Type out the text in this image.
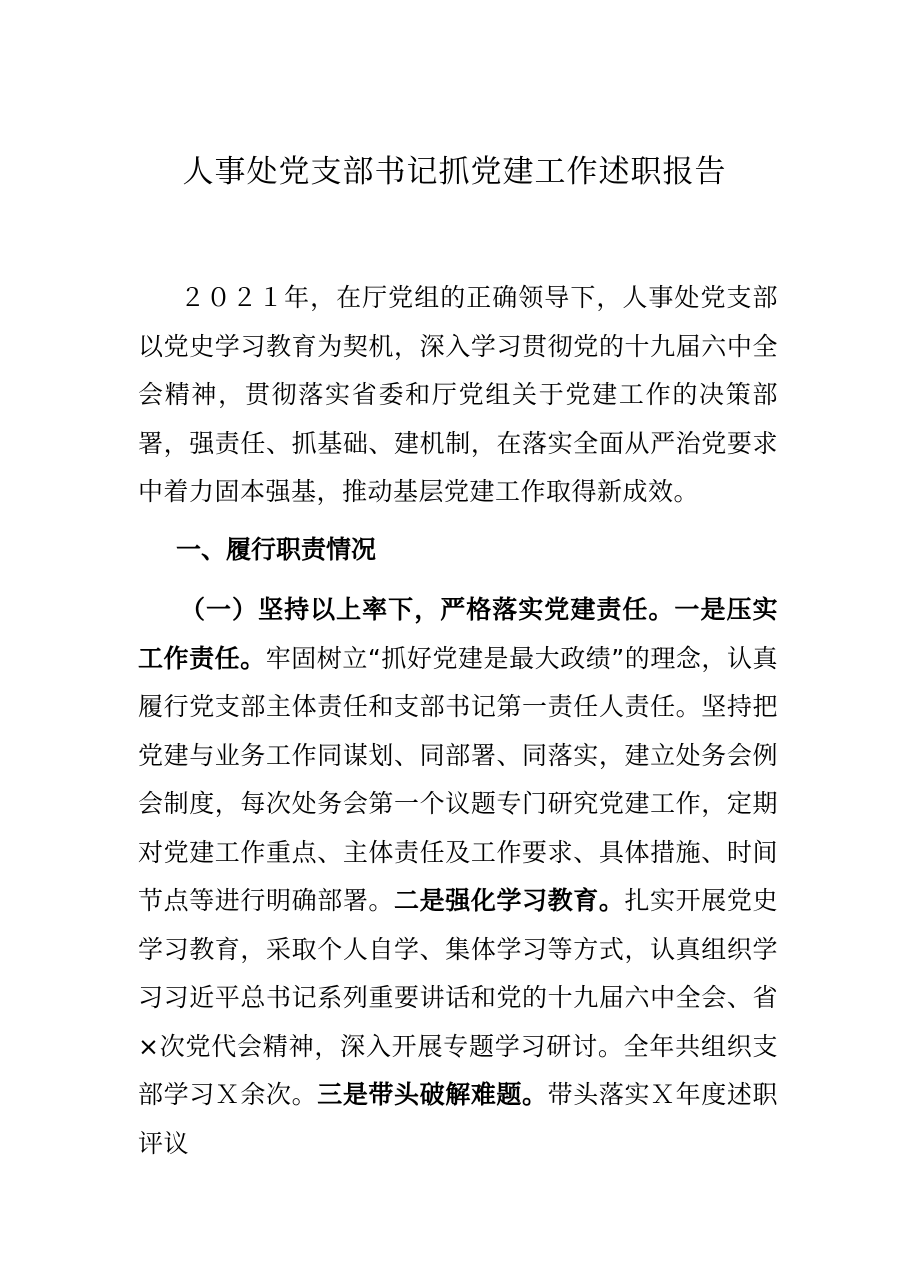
人事处党支部书记抓党建工作述职报告
２０２１年，在厅党组的正确领导下，人事处党支部以党史学习教育为契机，深入学习贯彻党的十九届六中全会精神，贯彻落实省委和厅党组关于党建工作的决策部署，强责任、抓基础、建机制，在落实全面从严治党要求中着力固本强基，推动基层党建工作取得新成效。
一、履行职责情况
（一）坚持以上率下，严格落实党建责任。一是压实工作责任。牢固树立“抓好党建是最大政绩”的理念，认真履行党支部主体责任和支部书记第一责任人责任。坚持把党建与业务工作同谋划、同部署、同落实，建立处务会例会制度，每次处务会第一个议题专门研究党建工作，定期对党建工作重点、主体责任及工作要求、具体措施、时间节点等进行明确部署。二是强化学习教育。扎实开展党史学习教育，采取个人自学、集体学习等方式，认真组织学习习近平总书记系列重要讲话和党的十九届六中全会、省×次党代会精神，深入开展专题学习研讨。全年共组织支部学习Ｘ余次。三是带头破解难题。带头落实Ｘ年度述职评议
